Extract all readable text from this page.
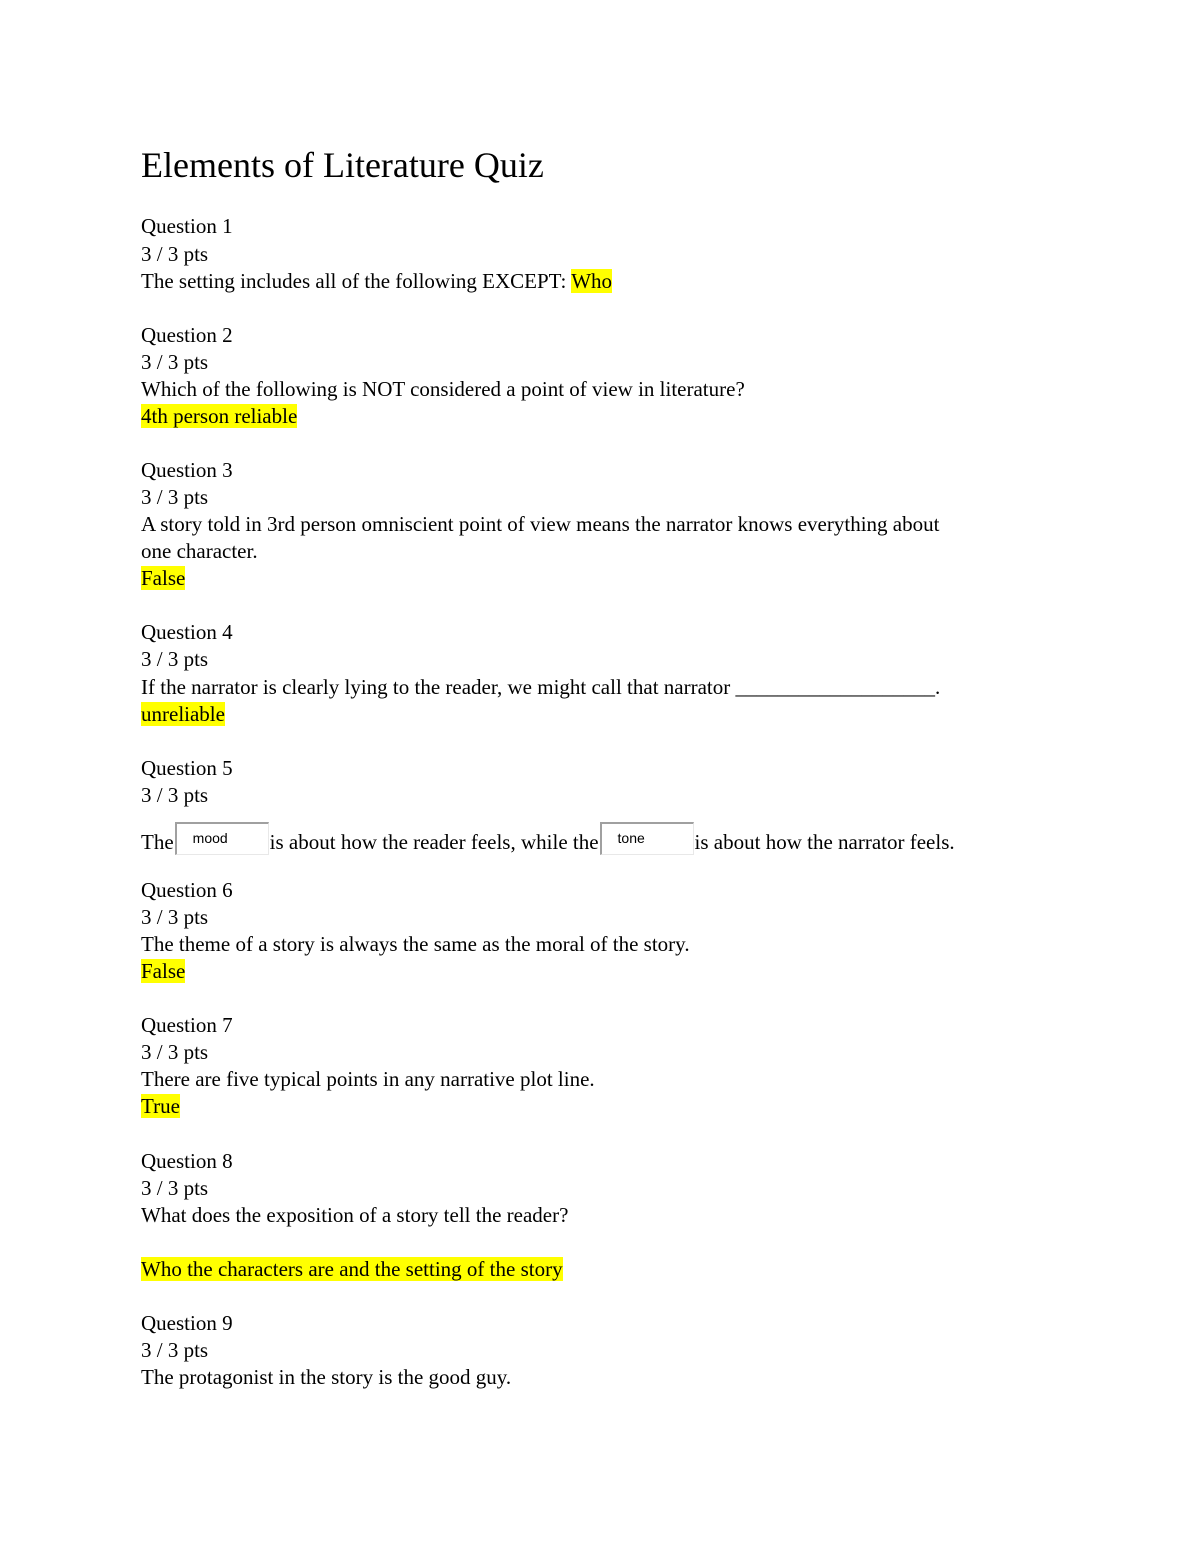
Elements of Literature Quiz
Question 1
3 / 3 pts
The setting includes all of the following EXCEPT: Who
Question 2
3 / 3 pts
Which of the following is NOT considered a point of view in literature?
4th person reliable
Question 3
3 / 3 pts
A story told in 3rd person omniscient point of view means the narrator knows everything about
one character.
False
Question 4
3 / 3 pts
If the narrator is clearly lying to the reader, we might call that narrator ___________________.
unreliable
Question 5
3 / 3 pts
The mood is about how the reader feels, while the tone is about how the narrator feels.
Question 6
3 / 3 pts
The theme of a story is always the same as the moral of the story.
False
Question 7
3 / 3 pts
There are five typical points in any narrative plot line.
True
Question 8
3 / 3 pts
What does the exposition of a story tell the reader?
Who the characters are and the setting of the story
Question 9
3 / 3 pts
The protagonist in the story is the good guy.
